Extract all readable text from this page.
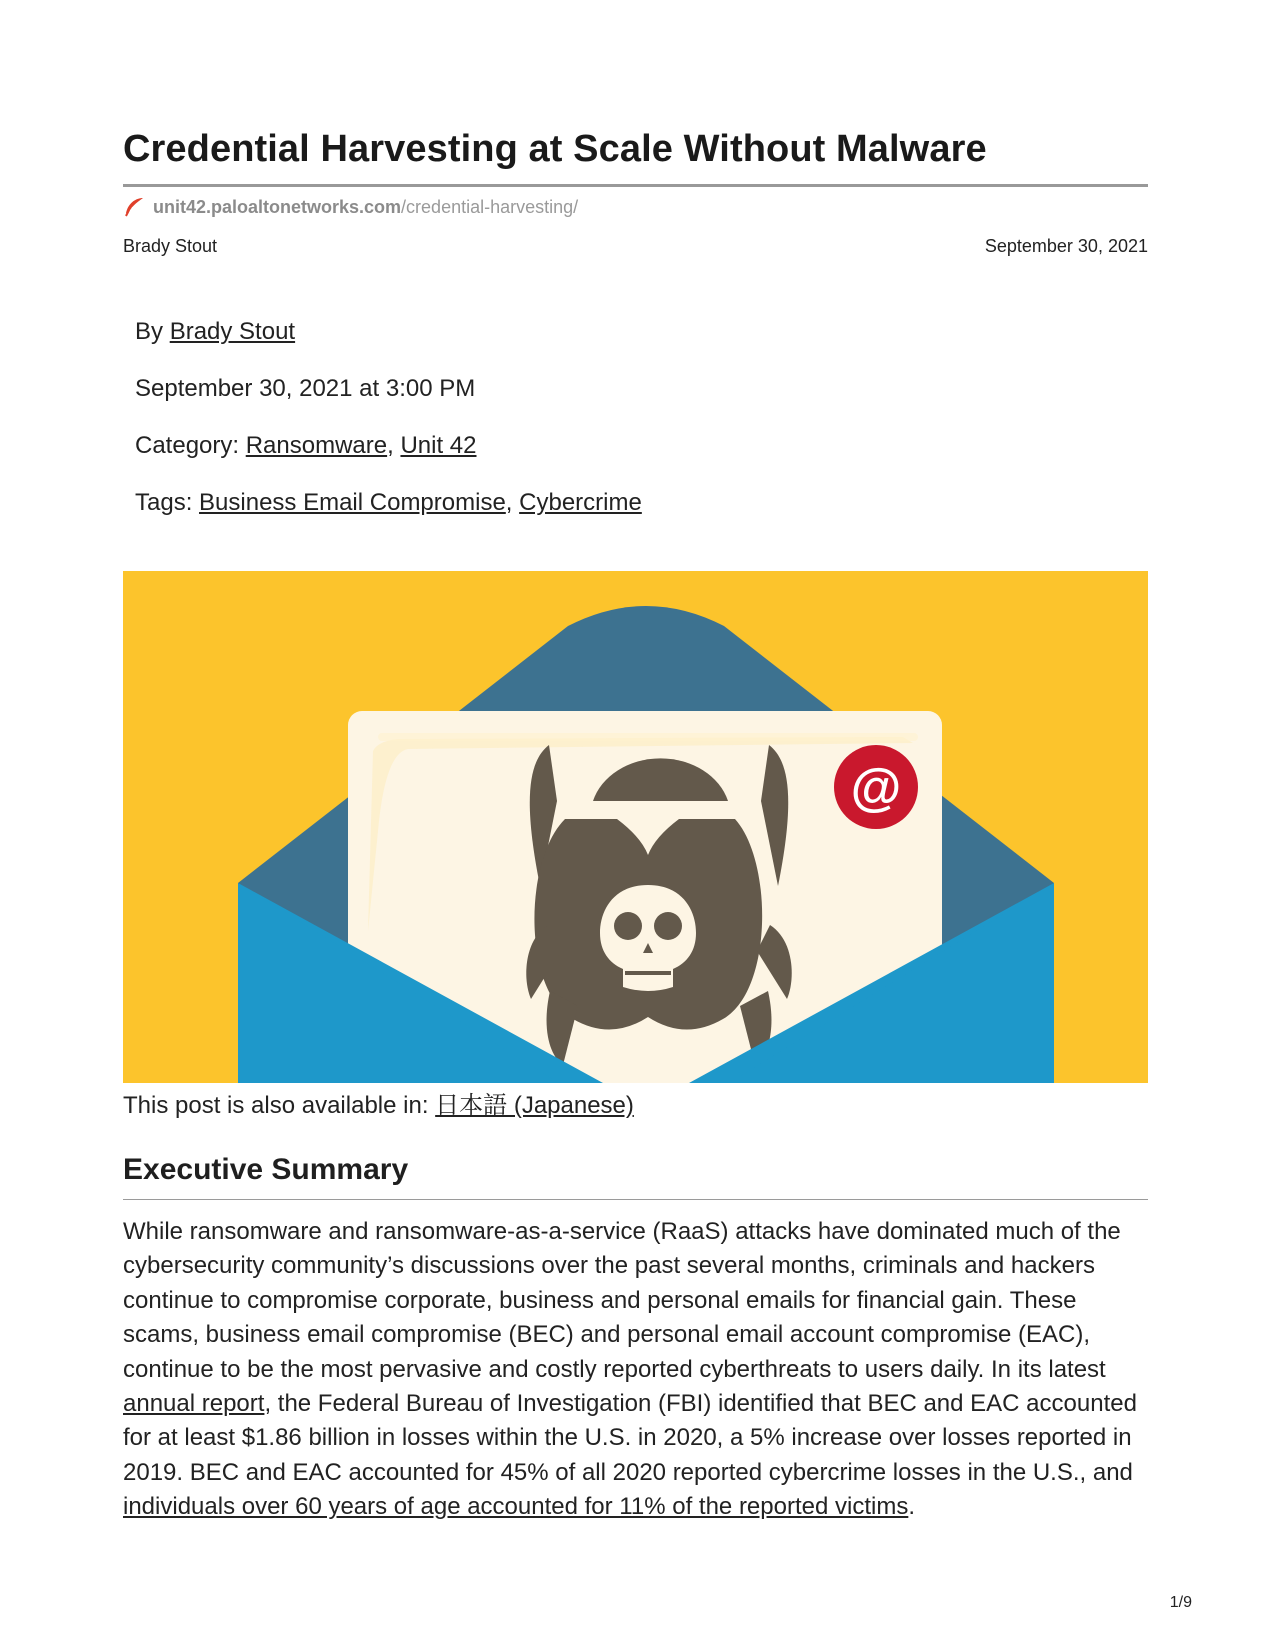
Credential Harvesting at Scale Without Malware
unit42.paloaltonetworks.com /credential-harvesting/
Brady Stout	September 30, 2021
By Brady Stout
September 30, 2021 at 3:00 PM
Category: Ransomware, Unit 42
Tags: Business Email Compromise, Cybercrime
@
This post is also available in: 日本語 (Japanese)
Executive Summary

While ransomware and ransomware-as-a-service (RaaS) attacks have dominated much of the cybersecurity community’s discussions over the past several months, criminals and hackers continue to compromise corporate, business and personal emails for financial gain. These scams, business email compromise (BEC) and personal email account compromise (EAC), continue to be the most pervasive and costly reported cyberthreats to users daily. In its latest annual report, the Federal Bureau of Investigation (FBI) identified that BEC and EAC accounted for at least $1.86 billion in losses within the U.S. in 2020, a 5% increase over losses reported in 2019. BEC and EAC accounted for 45% of all 2020 reported cybercrime losses in the U.S., and individuals over 60 years of age accounted for 11% of the reported victims.

1/9
